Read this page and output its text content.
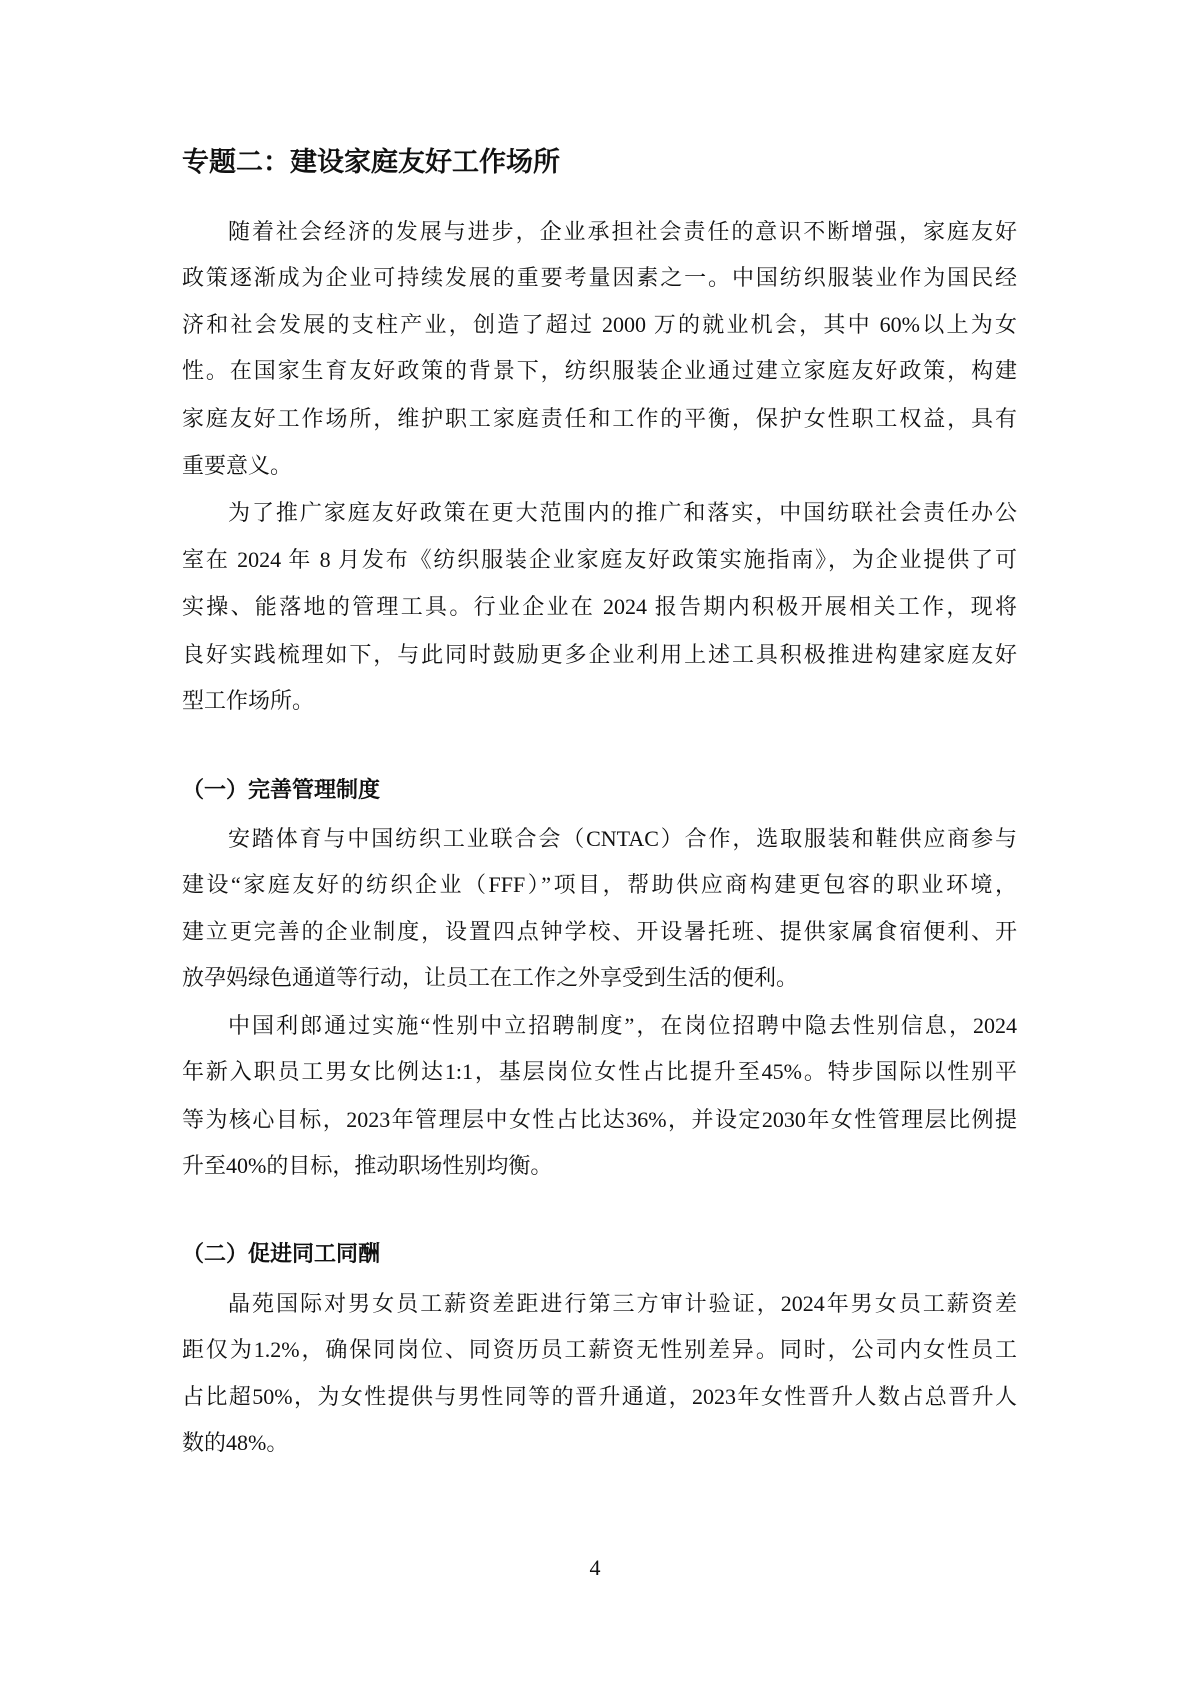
专题二：建设家庭友好工作场所
随着社会经济的发展与进步，企业承担社会责任的意识不断增强，家庭友好
政策逐渐成为企业可持续发展的重要考量因素之一。中国纺织服装业作为国民经
济和社会发展的支柱产业，创造了超过 2000 万的就业机会，其中 60%以上为女
性。在国家生育友好政策的背景下，纺织服装企业通过建立家庭友好政策，构建
家庭友好工作场所，维护职工家庭责任和工作的平衡，保护女性职工权益，具有
重要意义。
为了推广家庭友好政策在更大范围内的推广和落实，中国纺联社会责任办公
室在 2024 年 8 月发布《纺织服装企业家庭友好政策实施指南》，为企业提供了可
实操、能落地的管理工具。行业企业在 2024 报告期内积极开展相关工作，现将
良好实践梳理如下，与此同时鼓励更多企业利用上述工具积极推进构建家庭友好
型工作场所。
（一）完善管理制度
安踏体育与中国纺织工业联合会（CNTAC）合作，选取服装和鞋供应商参与
建设“家庭友好的纺织企业（FFF）”项目，帮助供应商构建更包容的职业环境，
建立更完善的企业制度，设置四点钟学校、开设暑托班、提供家属食宿便利、开
放孕妈绿色通道等行动，让员工在工作之外享受到生活的便利。
中国利郎通过实施“性别中立招聘制度”，在岗位招聘中隐去性别信息，2024
年新入职员工男女比例达1:1，基层岗位女性占比提升至45%。特步国际以性别平
等为核心目标，2023年管理层中女性占比达36%，并设定2030年女性管理层比例提
升至40%的目标，推动职场性别均衡。
（二）促进同工同酬
晶苑国际对男女员工薪资差距进行第三方审计验证，2024年男女员工薪资差
距仅为1.2%，确保同岗位、同资历员工薪资无性别差异。同时，公司内女性员工
占比超50%，为女性提供与男性同等的晋升通道，2023年女性晋升人数占总晋升人
数的48%。
4
